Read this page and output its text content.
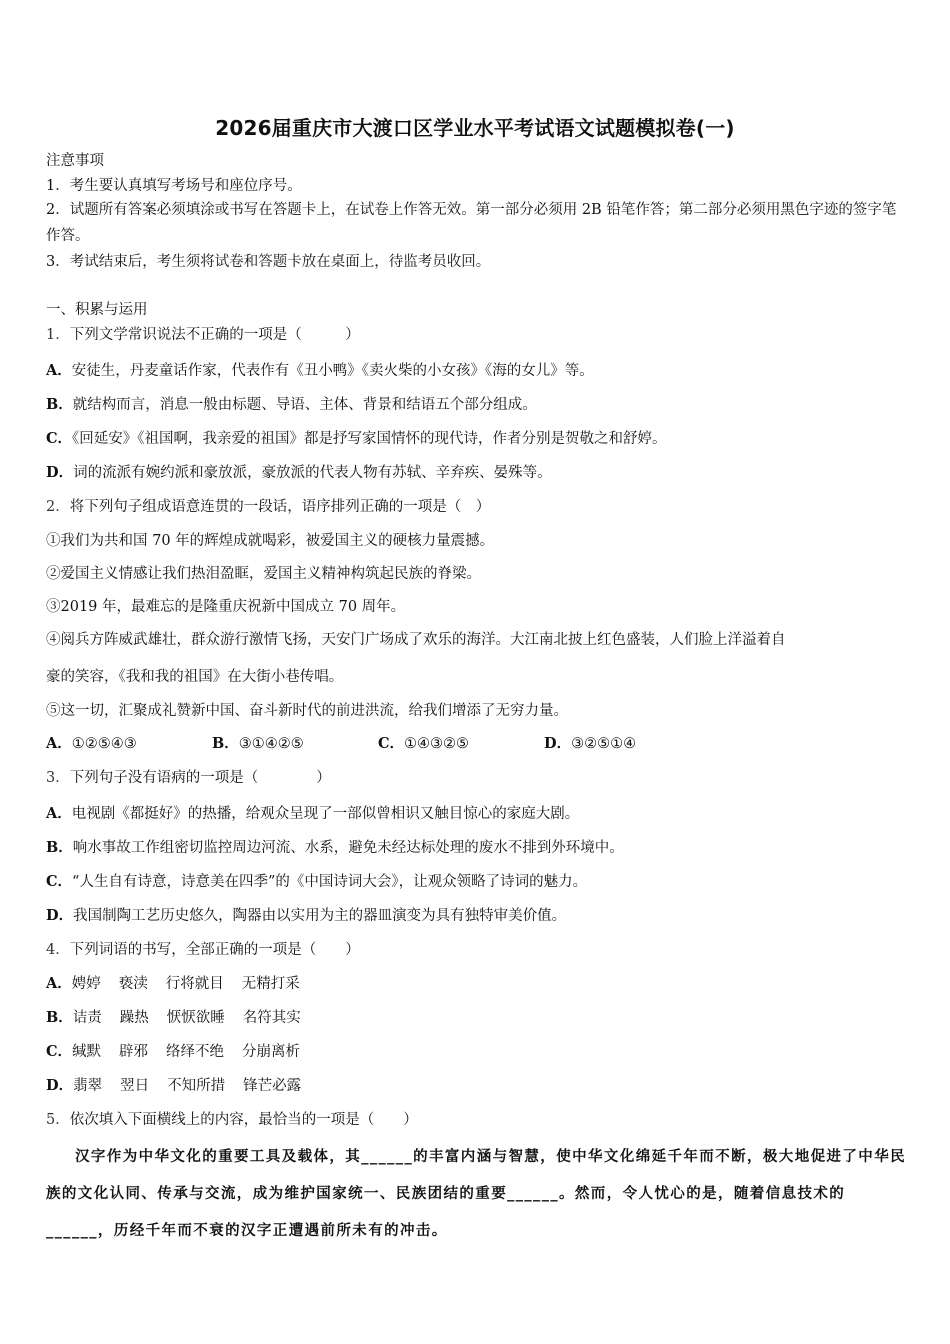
2026届重庆市大渡口区学业水平考试语文试题模拟卷(一)
注意事项
1．考生要认真填写考场号和座位序号。
2．试题所有答案必须填涂或书写在答题卡上，在试卷上作答无效。第一部分必须用 2B 铅笔作答；第二部分必须用黑色字迹的签字笔作答。
3．考试结束后，考生须将试卷和答题卡放在桌面上，待监考员收回。
一、积累与运用
1．下列文学常识说法不正确的一项是（　　　）
A．安徒生，丹麦童话作家，代表作有《丑小鸭》《卖火柴的小女孩》《海的女儿》等。
B．就结构而言，消息一般由标题、导语、主体、背景和结语五个部分组成。
C．《回延安》《祖国啊，我亲爱的祖国》都是抒写家国情怀的现代诗，作者分别是贺敬之和舒婷。
D．词的流派有婉约派和豪放派，豪放派的代表人物有苏轼、辛弃疾、晏殊等。
2．将下列句子组成语意连贯的一段话，语序排列正确的一项是（　）
①我们为共和国 70 年的辉煌成就喝彩，被爱国主义的硬核力量震撼。
②爱国主义情感让我们热泪盈眶，爱国主义精神构筑起民族的脊梁。
③2019 年，最难忘的是隆重庆祝新中国成立 70 周年。
④阅兵方阵威武雄壮，群众游行激情飞扬，天安门广场成了欢乐的海洋。大江南北披上红色盛装，人们脸上洋溢着自
豪的笑容，《我和我的祖国》在大街小巷传唱。
⑤这一切，汇聚成礼赞新中国、奋斗新时代的前进洪流，给我们增添了无穷力量。
A．①②⑤④③	B．③①④②⑤	C．①④③②⑤	D．③②⑤①④
3．下列句子没有语病的一项是（　　　　）
A．电视剧《都挺好》的热播，给观众呈现了一部似曾相识又触目惊心的家庭大剧。
B．响水事故工作组密切监控周边河流、水系，避免未经达标处理的废水不排到外环境中。
C．“人生自有诗意，诗意美在四季”的《中国诗词大会》，让观众领略了诗词的魅力。
D．我国制陶工艺历史悠久，陶器由以实用为主的器皿演变为具有独特审美价值。
4．下列词语的书写，全部正确的一项是（　　）
A．娉婷 亵渎 行将就目 无精打采
B．诘责 躁热 恹恹欲睡 名符其实
C．缄默 辟邪 络绎不绝 分崩离析
D．翡翠 翌日 不知所措 锋芒必露
5．依次填入下面横线上的内容，最恰当的一项是（　　）
汉字作为中华文化的重要工具及载体，其______的丰富内涵与智慧，使中华文化绵延千年而不断，极大地促进了中华民族的文化认同、传承与交流，成为维护国家统一、民族团结的重要______。然而，令人忧心的是，随着信息技术的______，历经千年而不衰的汉字正遭遇前所未有的冲击。
